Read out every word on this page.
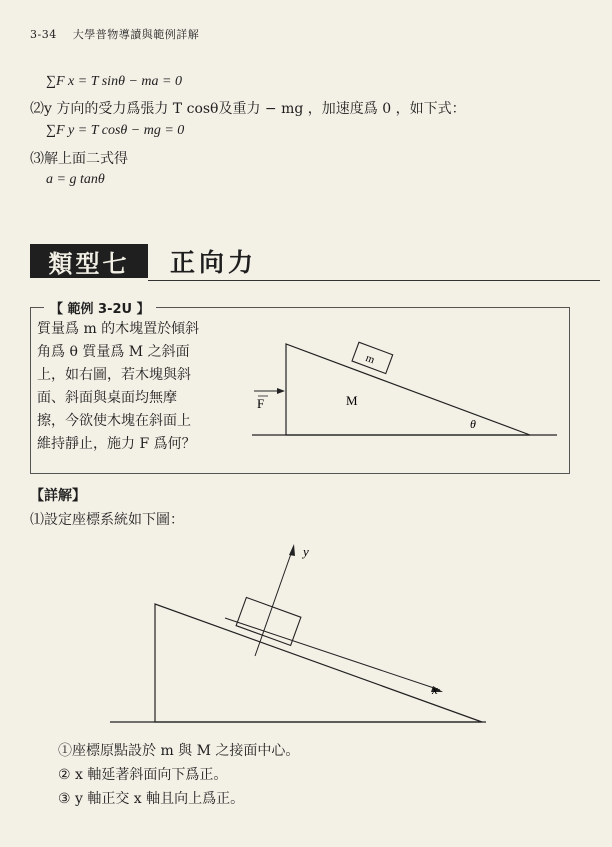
3-34 大學普物導讀與範例詳解
∑F x = T sinθ − ma = 0
⑵y 方向的受力爲張力 T cosθ及重力 − mg ，加速度爲 0 ，如下式：
∑F y = T cosθ − mg = 0
⑶解上面二式得
a = g tanθ
類型七	正向力
【 範例 3-2U 】
質量爲 m 的木塊置於傾斜
角爲 θ 質量爲 M 之斜面
上，如右圖，若木塊與斜
面、斜面與桌面均無摩
擦，今欲使木塊在斜面上
維持靜止，施力 F 爲何？
m
M
F
θ
x
y
【詳解】
⑴設定座標系統如下圖：
①座標原點設於 m 與 M 之接面中心。
② x 軸延著斜面向下爲正。
③ y 軸正交 x 軸且向上爲正。
